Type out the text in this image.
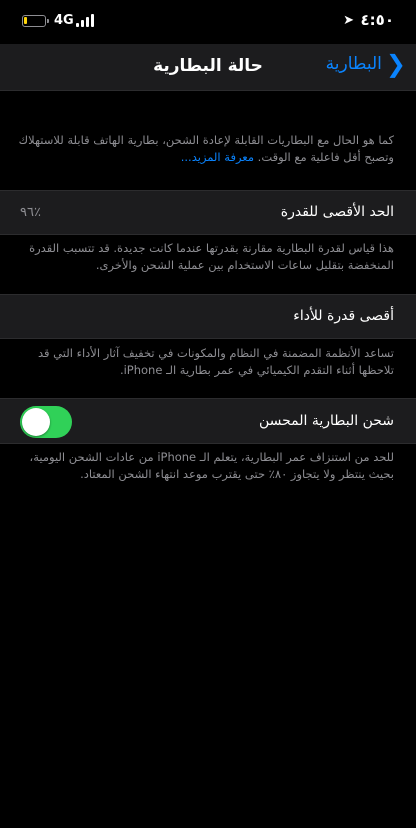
4G	➤ ٤:٥٠
حالة البطارية	البطارية ❯
كما هو الحال مع البطاريات القابلة لإعادة الشحن، بطارية الهاتف قابلة للاستهلاك وتصبح أقل فاعلية مع الوقت. معرفة المزيد...
الحد الأقصى للقدرة
٪٩٦
هذا قياس لقدرة البطارية مقارنة بقدرتها عندما كانت جديدة. قد تتسبب القدرة المنخفضة بتقليل ساعات الاستخدام بين عملية الشحن والأخرى.
أقصى قدرة للأداء
تساعد الأنظمة المضمنة في النظام والمكونات في تخفيف آثار الأداء التي قد تلاحظها أثناء التقدم الكيميائي في عمر بطارية الـ iPhone.
شحن البطارية المحسن
للحد من استنزاف عمر البطارية، يتعلم الـ iPhone من عادات الشحن اليومية، بحيث ينتظر ولا يتجاوز ٨٠٪ حتى يقترب موعد انتهاء الشحن المعتاد.
